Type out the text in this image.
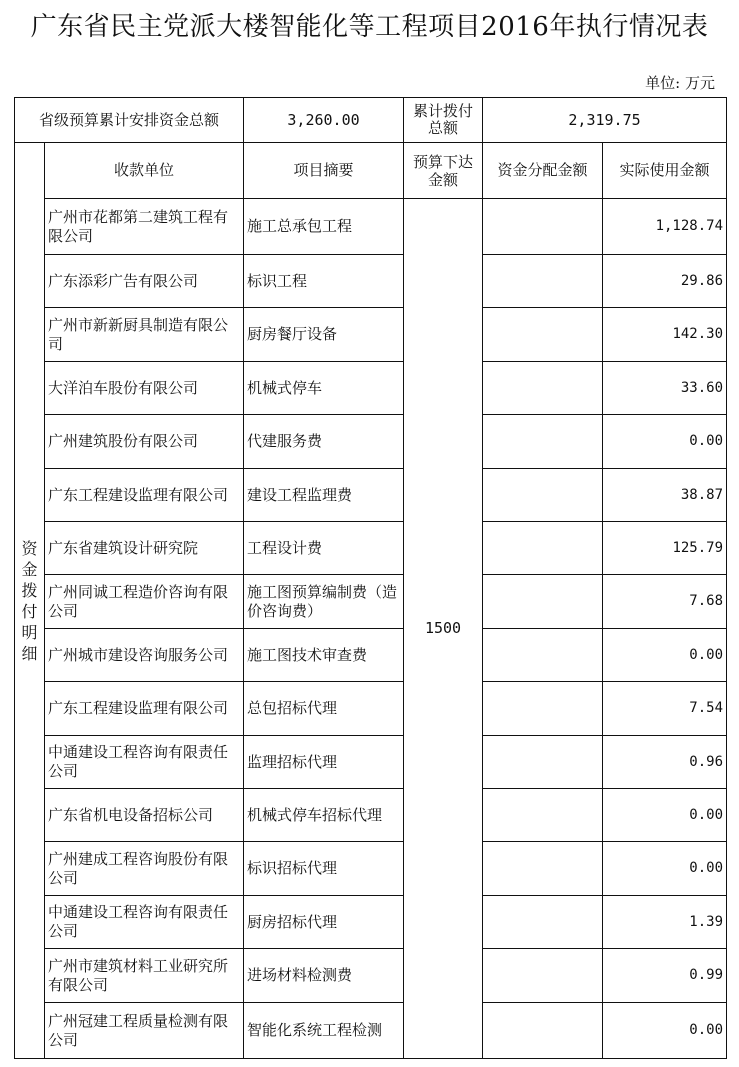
广东省民主党派大楼智能化等工程项目2016年执行情况表
单位: 万元
省级预算累计安排资金总额		3,260.00	累计拨付总额	2,319.75	

资金拨付明细	收款单位	项目摘要	预算下达金额	资金分配金额	实际使用金额
	广州市花都第二建筑工程有限公司	施工总承包工程	1500		1,128.74
	广东添彩广告有限公司	标识工程			29.86
	广州市新新厨具制造有限公司	厨房餐厅设备			142.30
	大洋泊车股份有限公司	机械式停车			33.60
	广州建筑股份有限公司	代建服务费			0.00
	广东工程建设监理有限公司	建设工程监理费			38.87
	广东省建筑设计研究院	工程设计费			125.79
	广州同诚工程造价咨询有限公司	施工图预算编制费（造价咨询费）			7.68
	广州城市建设咨询服务公司	施工图技术审查费			0.00
	广东工程建设监理有限公司	总包招标代理			7.54
	中通建设工程咨询有限责任公司	监理招标代理			0.96
	广东省机电设备招标公司	机械式停车招标代理			0.00
	广州建成工程咨询股份有限公司	标识招标代理			0.00
	中通建设工程咨询有限责任公司	厨房招标代理			1.39
	广州市建筑材料工业研究所有限公司	进场材料检测费			0.99
	广州冠建工程质量检测有限公司	智能化系统工程检测			0.00
